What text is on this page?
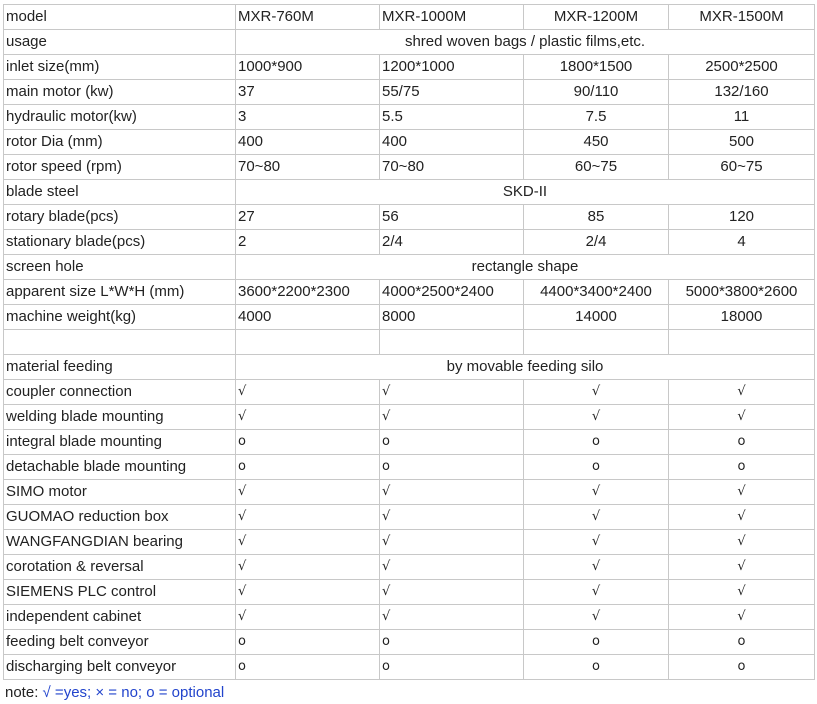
model	MXR-760M	MXR-1000M	MXR-1200M	MXR-1500M
usage	shred woven bags / plastic films,etc.			
inlet size(mm)	1000*900	1200*1000	1800*1500	2500*2500
main motor (kw)	37	55/75	90/110	132/160
hydraulic motor(kw)	3	5.5	7.5	11
rotor Dia (mm)	400	400	450	500
rotor speed (rpm)	70~80	70~80	60~75	60~75
blade steel	SKD-II			
rotary blade(pcs)	27	56	85	120
stationary blade(pcs)	2	2/4	2/4	4
screen hole	rectangle shape			
apparent size L*W*H (mm)	3600*2200*2300	4000*2500*2400	4400*3400*2400	5000*3800*2600
machine weight(kg)	4000	8000	14000	18000

material feeding	by movable feeding silo			
coupler connection	√	√	√	√
welding blade mounting	√	√	√	√
integral blade mounting	o	o	o	o
detachable blade mounting	o	o	o	o
SIMO motor	√	√	√	√
GUOMAO reduction box	√	√	√	√
WANGFANGDIAN bearing	√	√	√	√
corotation & reversal	√	√	√	√
SIEMENS PLC control	√	√	√	√
independent cabinet	√	√	√	√
feeding belt conveyor	o	o	o	o
discharging belt conveyor	o	o	o	o
note: √ =yes; × = no; o = optional
